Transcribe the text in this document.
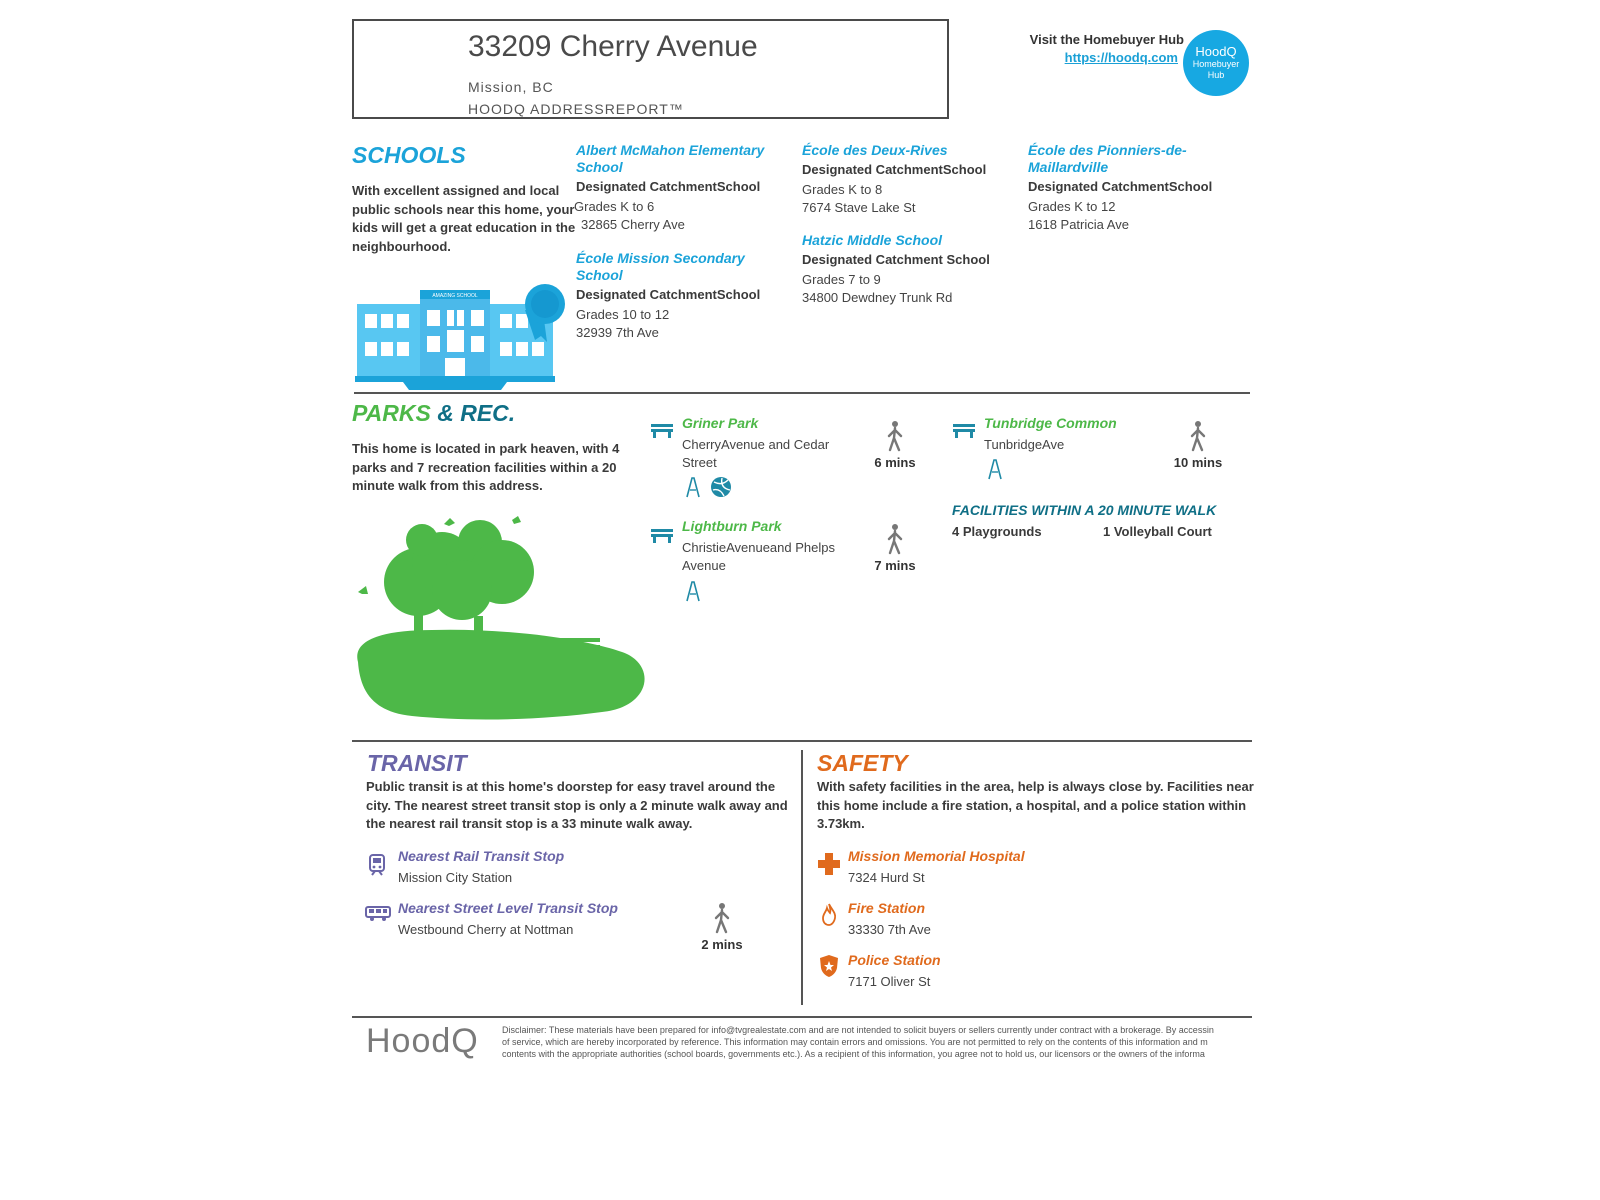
33209 Cherry Avenue
Mission, BC
HOODQ ADDRESSREPORT™
Visit the Homebuyer Hub
https://hoodq.com	HoodQ
Homebuyer
Hub
SCHOOLS
With excellent assigned and local
public schools near this home, your
kids will get a great education in the
neighbourhood.
AMAZING SCHOOL
Albert McMahon Elementary
School
Designated CatchmentSchool
Grades K to 6
32865 Cherry Ave
École Mission Secondary
School
Designated CatchmentSchool
Grades 10 to 12
32939 7th Ave
École des Deux-Rives
Designated CatchmentSchool
Grades K to 8
7674 Stave Lake St
Hatzic Middle School
Designated Catchment School
Grades 7 to 9
34800 Dewdney Trunk Rd
École des Pionniers-de-
Maillardville
Designated CatchmentSchool
Grades K to 12
1618 Patricia Ave
PARKS & REC.
This home is located in park heaven, with 4
parks and 7 recreation facilities within a 20
minute walk from this address.
Griner Park
CherryAvenue and Cedar
Street	6 mins
Lightburn Park
ChristieAvenueand Phelps
Avenue	7 mins
Tunbridge Common
TunbridgeAve
10 mins
FACILITIES WITHIN A 20 MINUTE WALK
4 Playgrounds	1 Volleyball Court
TRANSIT
Public transit is at this home's doorstep for easy travel around the
city. The nearest street transit stop is only a 2 minute walk away and
the nearest rail transit stop is a 33 minute walk away.
Nearest Rail Transit Stop
Mission City Station
Nearest Street Level Transit Stop
Westbound Cherry at Nottman
2 mins
SAFETY
With safety facilities in the area, help is always close by. Facilities near
this home include a fire station, a hospital, and a police station within
3.73km.
Mission Memorial Hospital
7324 Hurd St
Fire Station
33330 7th Ave
Police Station
7171 Oliver St
HoodQ	Disclaimer: These materials have been prepared for info@tvgrealestate.com and are not intended to solicit buyers or sellers currently under contract with a brokerage. By accessin
of service, which are hereby incorporated by reference. This information may contain errors and omissions. You are not permitted to rely on the contents of this information and m
contents with the appropriate authorities (school boards, governments etc.). As a recipient of this information, you agree not to hold us, our licensors or the owners of the informa
